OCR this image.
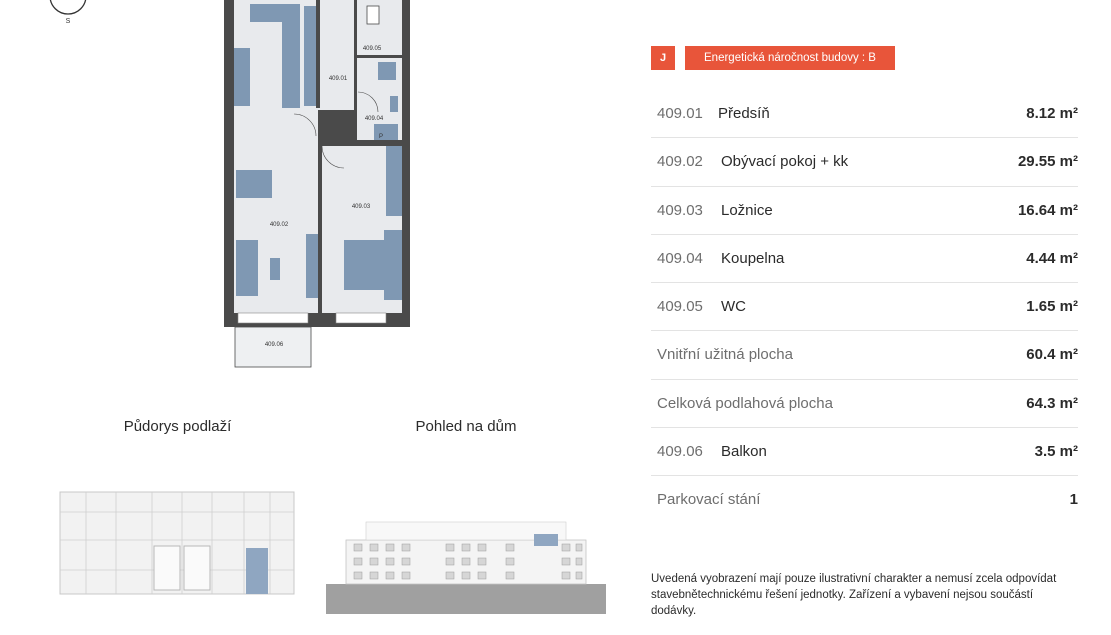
S
409.01
409.02
409.03
409.04
409.05
409.06
P
Půdorys podlaží	Pohled na dům
J	Energetická náročnost budovy : B
409.01 Předsíň	8.12 m²
409.02 Obývací pokoj + kk	29.55 m²
409.03 Ložnice	16.64 m²
409.04 Koupelna	4.44 m²
409.05 WC	1.65 m²
Vnitřní užitná plocha	60.4 m²
Celková podlahová plocha	64.3 m²
409.06 Balkon	3.5 m²
Parkovací stání	1
Uvedená vyobrazení mají pouze ilustrativní charakter a nemusí zcela odpovídat stavebnětechnickému řešení jednotky. Zařízení a vybavení nejsou součástí dodávky.
